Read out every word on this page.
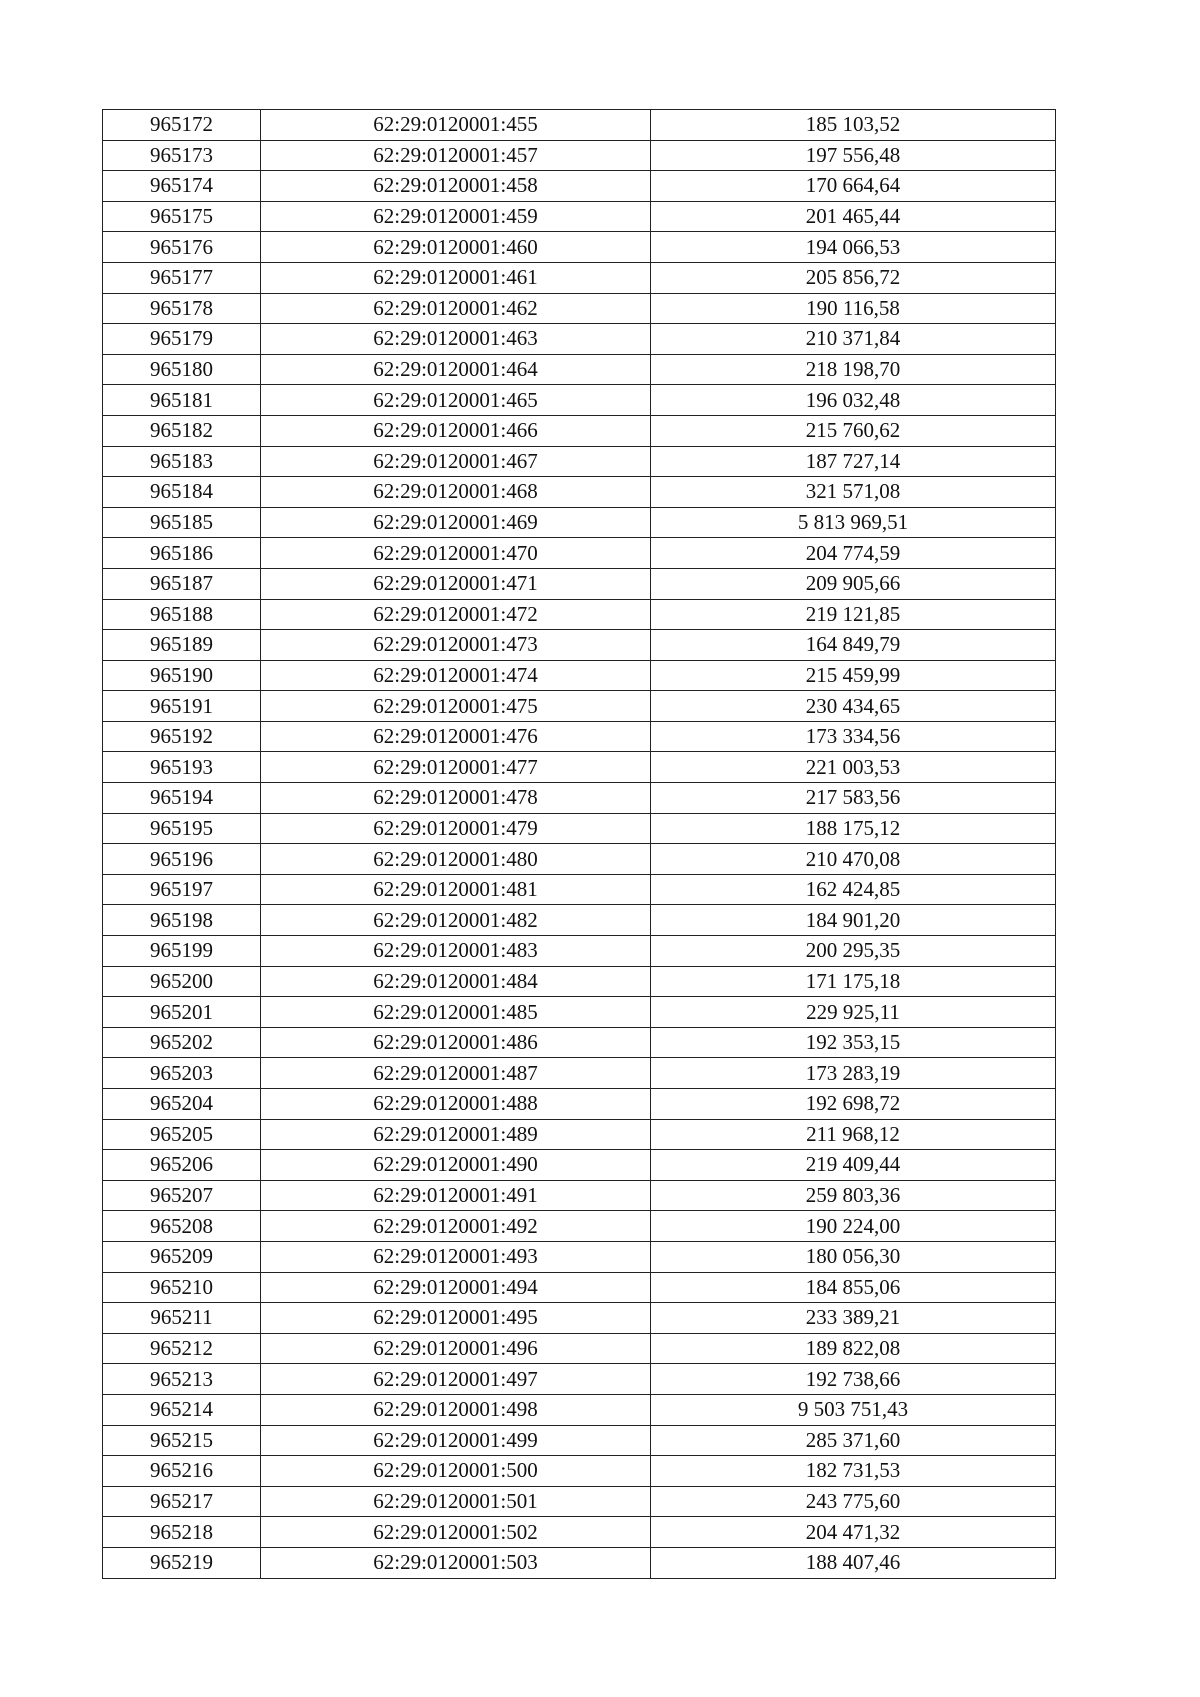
965172	62:29:0120001:455	185 103,52
965173	62:29:0120001:457	197 556,48
965174	62:29:0120001:458	170 664,64
965175	62:29:0120001:459	201 465,44
965176	62:29:0120001:460	194 066,53
965177	62:29:0120001:461	205 856,72
965178	62:29:0120001:462	190 116,58
965179	62:29:0120001:463	210 371,84
965180	62:29:0120001:464	218 198,70
965181	62:29:0120001:465	196 032,48
965182	62:29:0120001:466	215 760,62
965183	62:29:0120001:467	187 727,14
965184	62:29:0120001:468	321 571,08
965185	62:29:0120001:469	5 813 969,51
965186	62:29:0120001:470	204 774,59
965187	62:29:0120001:471	209 905,66
965188	62:29:0120001:472	219 121,85
965189	62:29:0120001:473	164 849,79
965190	62:29:0120001:474	215 459,99
965191	62:29:0120001:475	230 434,65
965192	62:29:0120001:476	173 334,56
965193	62:29:0120001:477	221 003,53
965194	62:29:0120001:478	217 583,56
965195	62:29:0120001:479	188 175,12
965196	62:29:0120001:480	210 470,08
965197	62:29:0120001:481	162 424,85
965198	62:29:0120001:482	184 901,20
965199	62:29:0120001:483	200 295,35
965200	62:29:0120001:484	171 175,18
965201	62:29:0120001:485	229 925,11
965202	62:29:0120001:486	192 353,15
965203	62:29:0120001:487	173 283,19
965204	62:29:0120001:488	192 698,72
965205	62:29:0120001:489	211 968,12
965206	62:29:0120001:490	219 409,44
965207	62:29:0120001:491	259 803,36
965208	62:29:0120001:492	190 224,00
965209	62:29:0120001:493	180 056,30
965210	62:29:0120001:494	184 855,06
965211	62:29:0120001:495	233 389,21
965212	62:29:0120001:496	189 822,08
965213	62:29:0120001:497	192 738,66
965214	62:29:0120001:498	9 503 751,43
965215	62:29:0120001:499	285 371,60
965216	62:29:0120001:500	182 731,53
965217	62:29:0120001:501	243 775,60
965218	62:29:0120001:502	204 471,32
965219	62:29:0120001:503	188 407,46
